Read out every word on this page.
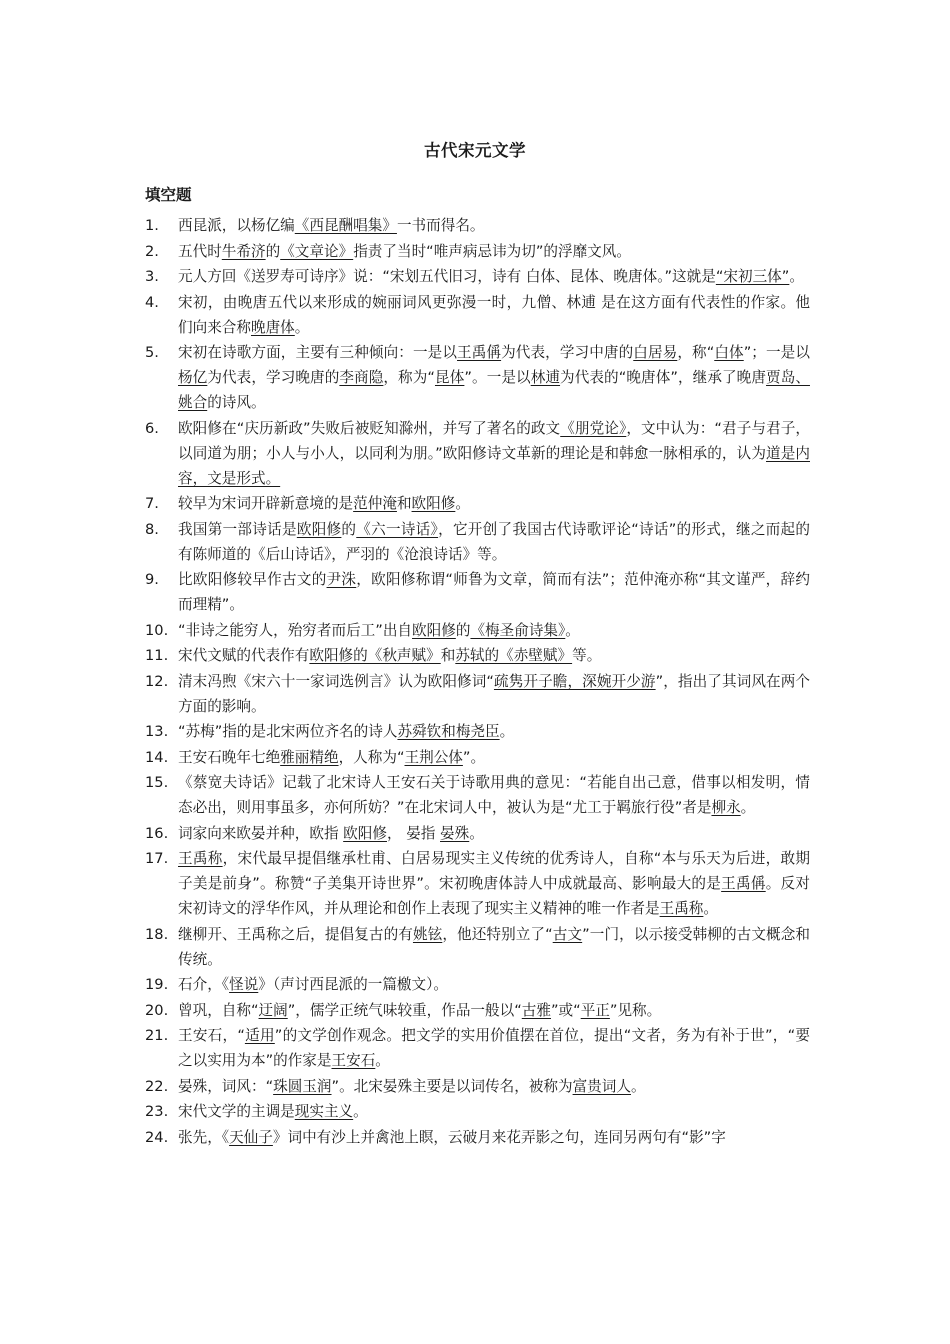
古代宋元文学
填空题
1. 西昆派，以杨亿编《西昆酬唱集》一书而得名。
2. 五代时牛希济的《文章论》指责了当时“唯声病忌讳为切”的浮靡文风。
3. 元人方回《送罗寿可诗序》说：“宋划五代旧习，诗有 白体、昆体、晚唐体。”这就是“宋初三体”。
4. 宋初，由晚唐五代以来形成的婉丽词风更弥漫一时，九僧、林逋 是在这方面有代表性的作家。他们向来合称晚唐体。
5. 宋初在诗歌方面，主要有三种倾向：一是以王禹偁为代表，学习中唐的白居易，称“白体”；一是以杨亿为代表，学习晚唐的李商隐，称为“昆体”。一是以林逋为代表的“晚唐体”，继承了晚唐贾岛、姚合的诗风。
6. 欧阳修在“庆历新政”失败后被贬知滁州，并写了著名的政文《朋党论》，文中认为：“君子与君子，以同道为朋；小人与小人，以同利为朋。”欧阳修诗文革新的理论是和韩愈一脉相承的，认为道是内容，文是形式。
7. 较早为宋词开辟新意境的是范仲淹和欧阳修。
8. 我国第一部诗话是欧阳修的《六一诗话》，它开创了我国古代诗歌评论“诗话”的形式，继之而起的有陈师道的《后山诗话》，严羽的《沧浪诗话》等。
9. 比欧阳修较早作古文的尹洙，欧阳修称谓“师鲁为文章，简而有法”；范仲淹亦称“其文谨严，辞约而理精”。
10. “非诗之能穷人，殆穷者而后工”出自欧阳修的《梅圣俞诗集》。
11. 宋代文赋的代表作有欧阳修的《秋声赋》和苏轼的《赤壁赋》等。
12. 清末冯煦《宋六十一家词选例言》认为欧阳修词“疏隽开子瞻，深婉开少游”，指出了其词风在两个方面的影响。
13. “苏梅”指的是北宋两位齐名的诗人苏舜钦和梅尧臣。
14. 王安石晚年七绝雅丽精绝，人称为“王荆公体”。
15. 《蔡宽夫诗话》记载了北宋诗人王安石关于诗歌用典的意见：“若能自出己意，借事以相发明，情态必出，则用事虽多，亦何所妨？”在北宋词人中，被认为是“尤工于羁旅行役”者是柳永。
16. 词家向来欧晏并种，欧指 欧阳修， 晏指 晏殊。
17. 王禹称，宋代最早提倡继承杜甫、白居易现实主义传统的优秀诗人，自称“本与乐天为后进，敢期子美是前身”。称赞“子美集开诗世界”。宋初晚唐体詩人中成就最高、影响最大的是王禹偁。反对宋初诗文的浮华作风，并从理论和创作上表现了现实主义精神的唯一作者是王禹称。
18. 继柳开、王禹称之后，提倡复古的有姚铉，他还特别立了“古文”一门，以示接受韩柳的古文概念和传统。
19. 石介，《怪说》（声讨西昆派的一篇檄文）。
20. 曾巩，自称“迂阔”，儒学正统气味较重，作品一般以“古雅”或“平正”见称。
21. 王安石，“适用”的文学创作观念。把文学的实用价值摆在首位，提出“文者，务为有补于世”，“要之以实用为本”的作家是王安石。
22. 晏殊，词风：“珠圆玉润”。北宋晏殊主要是以词传名，被称为富贵词人。
23. 宋代文学的主调是现实主义。
24. 张先，《天仙子》词中有沙上并禽池上瞑，云破月来花弄影之句，连同另两句有“影”字
